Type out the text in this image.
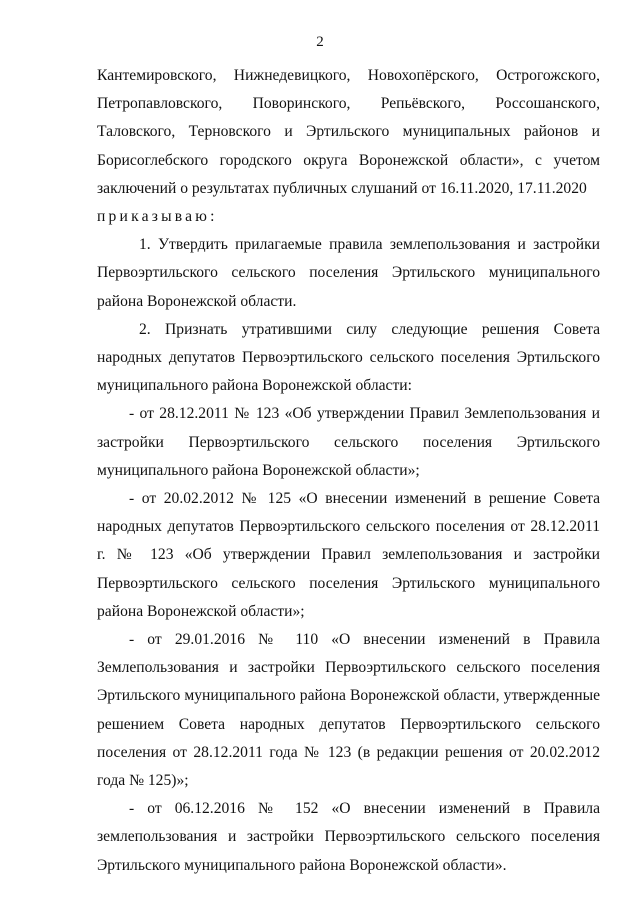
2

Кантемировского, Нижнедевицкого, Новохопёрского, Острогожского, Петропавловского, Поворинского, Репьёвского, Россошанского, Таловского, Терновского и Эртильского муниципальных районов и Борисоглебского городского округа Воронежской области», с учетом заключений о результатах публичных слушаний от 16.11.2020, 17.11.2020

приказываю:

1. Утвердить прилагаемые правила землепользования и застройки Первоэртильского сельского поселения Эртильского муниципального района Воронежской области.

2. Признать утратившими силу следующие решения Совета народных депутатов Первоэртильского сельского поселения Эртильского муниципального района Воронежской области:

- от 28.12.2011 № 123 «Об утверждении Правил Землепользования и застройки Первоэртильского сельского поселения Эртильского муниципального района Воронежской области»;

- от 20.02.2012 № 125 «О внесении изменений в решение Совета народных депутатов Первоэртильского сельского поселения от 28.12.2011 г. № 123 «Об утверждении Правил землепользования и застройки Первоэртильского сельского поселения Эртильского муниципального района Воронежской области»;

- от 29.01.2016 № 110 «О внесении изменений в Правила Землепользования и застройки Первоэртильского сельского поселения Эртильского муниципального района Воронежской области, утвержденные решением Совета народных депутатов Первоэртильского сельского поселения от 28.12.2011 года № 123 (в редакции решения от 20.02.2012 года № 125)»;

- от 06.12.2016 № 152 «О внесении изменений в Правила землепользования и застройки Первоэртильского сельского поселения Эртильского муниципального района Воронежской области».
